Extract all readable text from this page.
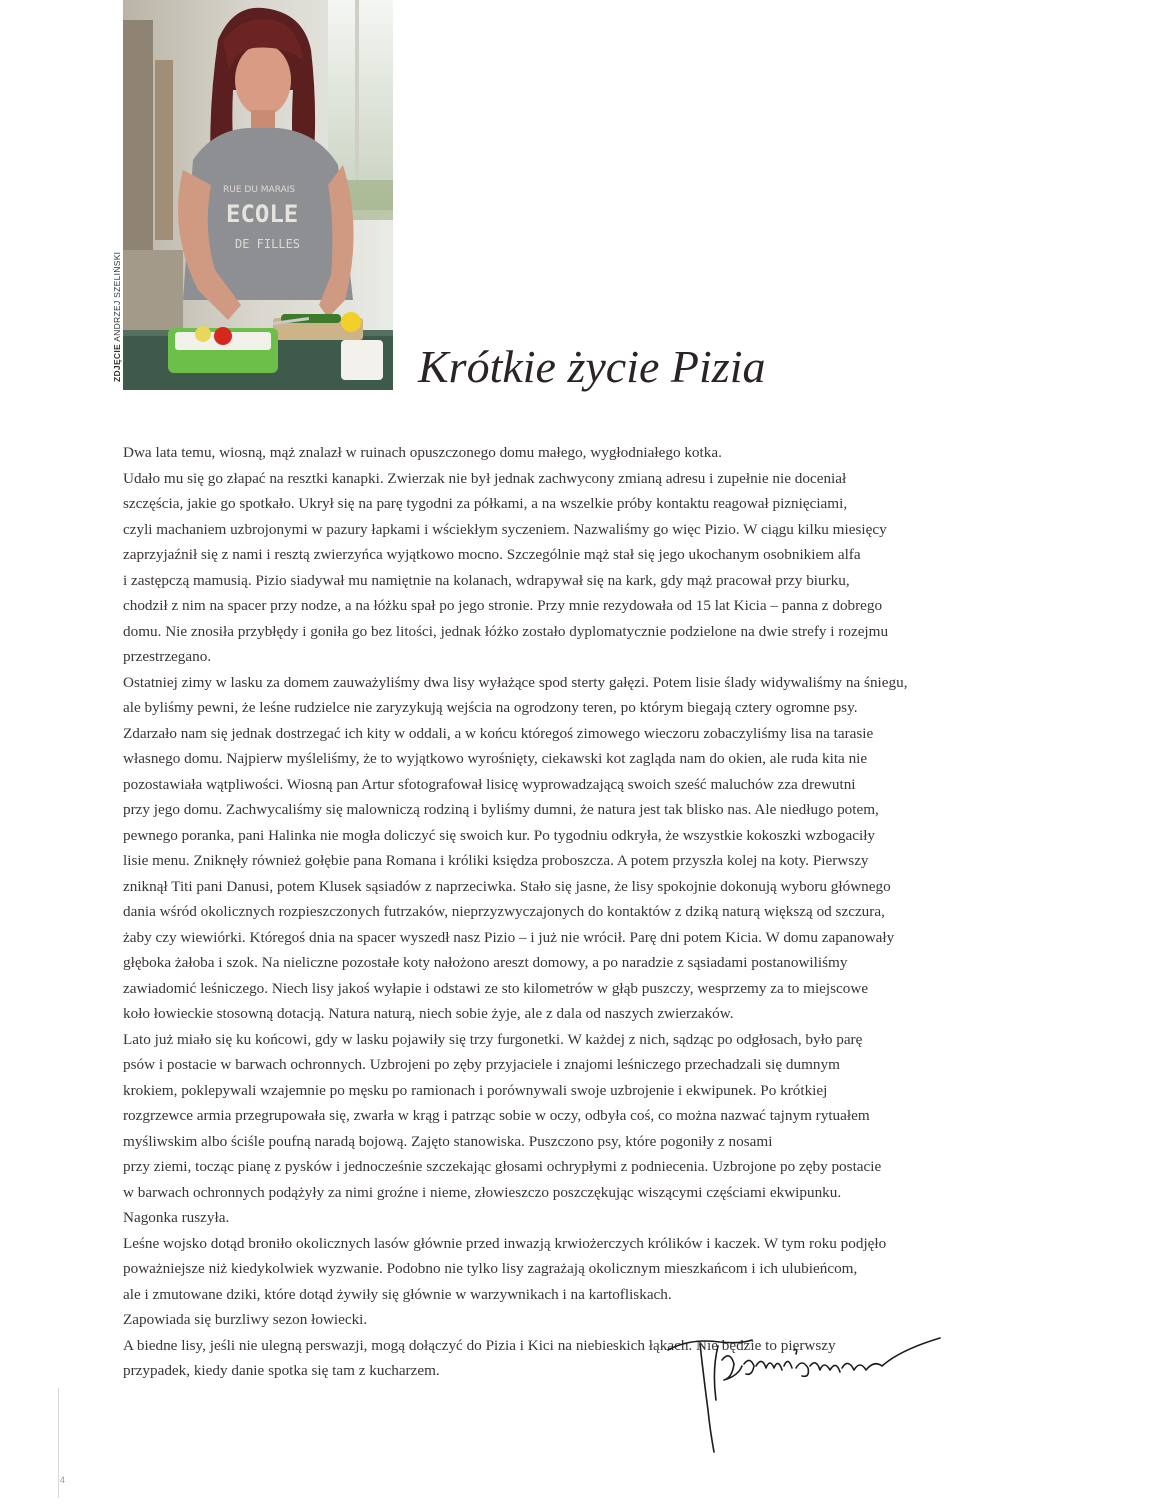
ECOLE
DE FILLES
RUE DU MARAIS
ZDJĘCIE ANDRZEJ SZELIŃSKI
Krótkie życie Pizia

Dwa lata temu, wiosną, mąż znalazł w ruinach opuszczonego domu małego, wygłodniałego kotka.

Udało mu się go złapać na resztki kanapki. Zwierzak nie był jednak zachwycony zmianą adresu i zupełnie nie doceniał

szczęścia, jakie go spotkało. Ukrył się na parę tygodni za półkami, a na wszelkie próby kontaktu reagował piznięciami,

czyli machaniem uzbrojonymi w pazury łapkami i wściekłym syczeniem. Nazwaliśmy go więc Pizio. W ciągu kilku miesięcy

zaprzyjaźnił się z nami i resztą zwierzyńca wyjątkowo mocno. Szczególnie mąż stał się jego ukochanym osobnikiem alfa

i zastępczą mamusią. Pizio siadywał mu namiętnie na kolanach, wdrapywał się na kark, gdy mąż pracował przy biurku,

chodził z nim na spacer przy nodze, a na łóżku spał po jego stronie. Przy mnie rezydowała od 15 lat Kicia – panna z dobrego

domu. Nie znosiła przybłędy i goniła go bez litości, jednak łóżko zostało dyplomatycznie podzielone na dwie strefy i rozejmu

przestrzegano.

Ostatniej zimy w lasku za domem zauważyliśmy dwa lisy wyłażące spod sterty gałęzi. Potem lisie ślady widywaliśmy na śniegu,

ale byliśmy pewni, że leśne rudzielce nie zaryzykują wejścia na ogrodzony teren, po którym biegają cztery ogromne psy.

Zdarzało nam się jednak dostrzegać ich kity w oddali, a w końcu któregoś zimowego wieczoru zobaczyliśmy lisa na tarasie

własnego domu. Najpierw myśleliśmy, że to wyjątkowo wyrośnięty, ciekawski kot zagląda nam do okien, ale ruda kita nie

pozostawiała wątpliwości. Wiosną pan Artur sfotografował lisicę wyprowadzającą swoich sześć maluchów zza drewutni

przy jego domu. Zachwycaliśmy się malowniczą rodziną i byliśmy dumni, że natura jest tak blisko nas. Ale niedługo potem,

pewnego poranka, pani Halinka nie mogła doliczyć się swoich kur. Po tygodniu odkryła, że wszystkie kokoszki wzbogaciły

lisie menu. Zniknęły również gołębie pana Romana i króliki księdza proboszcza. A potem przyszła kolej na koty. Pierwszy

zniknął Titi pani Danusi, potem Klusek sąsiadów z naprzeciwka. Stało się jasne, że lisy spokojnie dokonują wyboru głównego

dania wśród okolicznych rozpieszczonych futrzaków, nieprzyzwyczajonych do kontaktów z dziką naturą większą od szczura,

żaby czy wiewiórki. Któregoś dnia na spacer wyszedł nasz Pizio – i już nie wrócił. Parę dni potem Kicia. W domu zapanowały

głęboka żałoba i szok. Na nieliczne pozostałe koty nałożono areszt domowy, a po naradzie z sąsiadami postanowiliśmy

zawiadomić leśniczego. Niech lisy jakoś wyłapie i odstawi ze sto kilometrów w głąb puszczy, wesprzemy za to miejscowe

koło łowieckie stosowną dotacją. Natura naturą, niech sobie żyje, ale z dala od naszych zwierzaków.

Lato już miało się ku końcowi, gdy w lasku pojawiły się trzy furgonetki. W każdej z nich, sądząc po odgłosach, było parę

psów i postacie w barwach ochronnych. Uzbrojeni po zęby przyjaciele i znajomi leśniczego przechadzali się dumnym

krokiem, poklepywali wzajemnie po męsku po ramionach i porównywali swoje uzbrojenie i ekwipunek. Po krótkiej

rozgrzewce armia przegrupowała się, zwarła w krąg i patrząc sobie w oczy, odbyła coś, co można nazwać tajnym rytuałem

myśliwskim albo ściśle poufną naradą bojową. Zajęto stanowiska. Puszczono psy, które pogoniły z nosami

przy ziemi, tocząc pianę z pysków i jednocześnie szczekając głosami ochrypłymi z podniecenia. Uzbrojone po zęby postacie

w barwach ochronnych podążyły za nimi groźne i nieme, złowieszczo poszczękując wiszącymi częściami ekwipunku.

Nagonka ruszyła.

Leśne wojsko dotąd broniło okolicznych lasów głównie przed inwazją krwiożerczych królików i kaczek. W tym roku podjęło

poważniejsze niż kiedykolwiek wyzwanie. Podobno nie tylko lisy zagrażają okolicznym mieszkańcom i ich ulubieńcom,

ale i zmutowane dziki, które dotąd żywiły się głównie w warzywnikach i na kartofliskach.

Zapowiada się burzliwy sezon łowiecki.

A biedne lisy, jeśli nie ulegną perswazji, mogą dołączyć do Pizia i Kici na niebieskich łąkach. Nie będzie to pierwszy

przypadek, kiedy danie spotka się tam z kucharzem.

4
